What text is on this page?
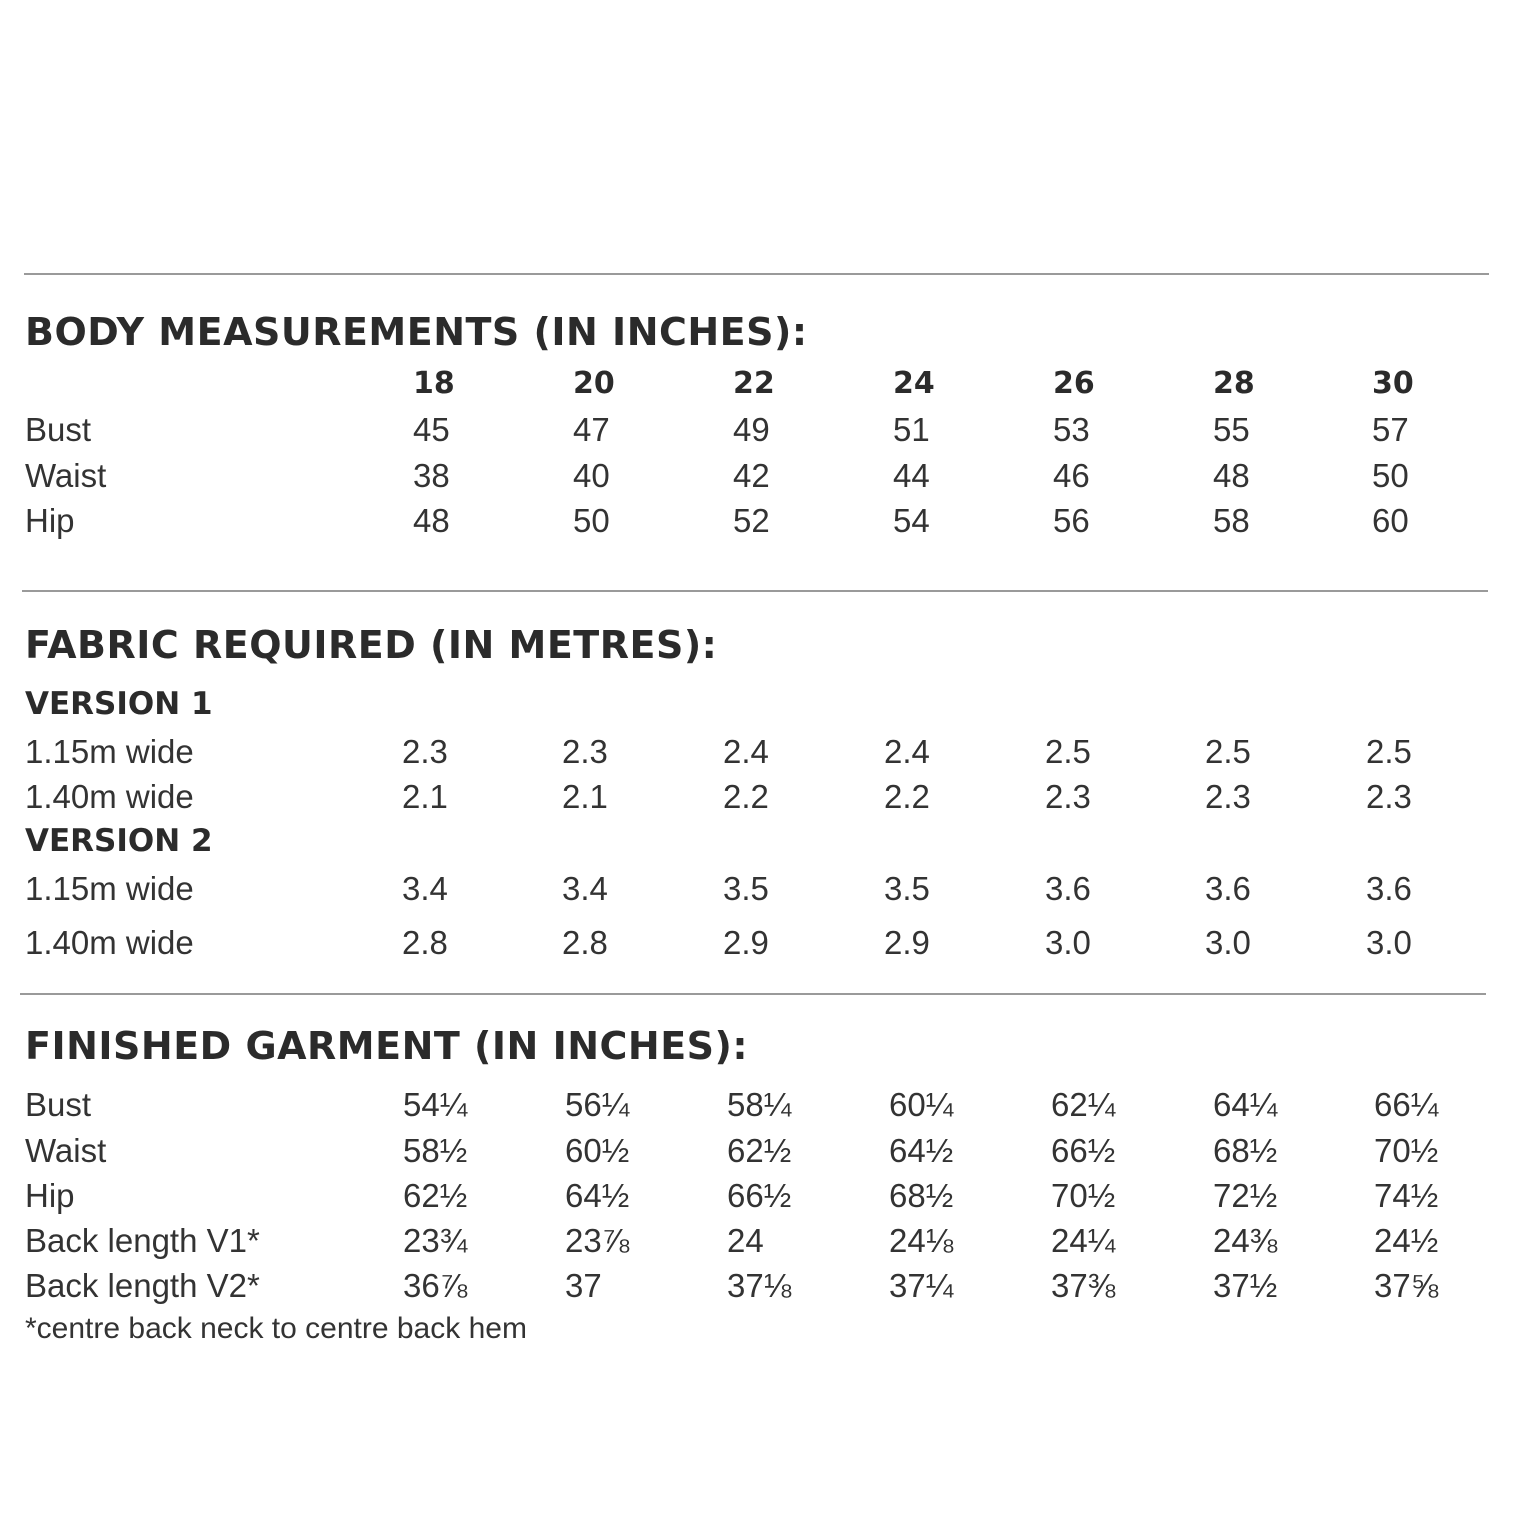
BODY MEASUREMENTS (IN INCHES):
18	20	22	24	26	28	30
Bust	45	47	49	51	53	55	57
Waist	38	40	42	44	46	48	50
Hip	48	50	52	54	56	58	60
FABRIC REQUIRED (IN METRES):
VERSION 1
1.15m wide	2.3	2.3	2.4	2.4	2.5	2.5	2.5
1.40m wide	2.1	2.1	2.2	2.2	2.3	2.3	2.3
VERSION 2
1.15m wide	3.4	3.4	3.5	3.5	3.6	3.6	3.6
1.40m wide	2.8	2.8	2.9	2.9	3.0	3.0	3.0
FINISHED GARMENT (IN INCHES):
Bust	54¼	56¼	58¼	60¼	62¼	64¼	66¼
Waist	58½	60½	62½	64½	66½	68½	70½
Hip	62½	64½	66½	68½	70½	72½	74½
Back length V1*	23¾	23⅞	24	24⅛	24¼	24⅜	24½
Back length V2*	36⅞	37	37⅛	37¼	37⅜	37½	37⅝
*centre back neck to centre back hem
